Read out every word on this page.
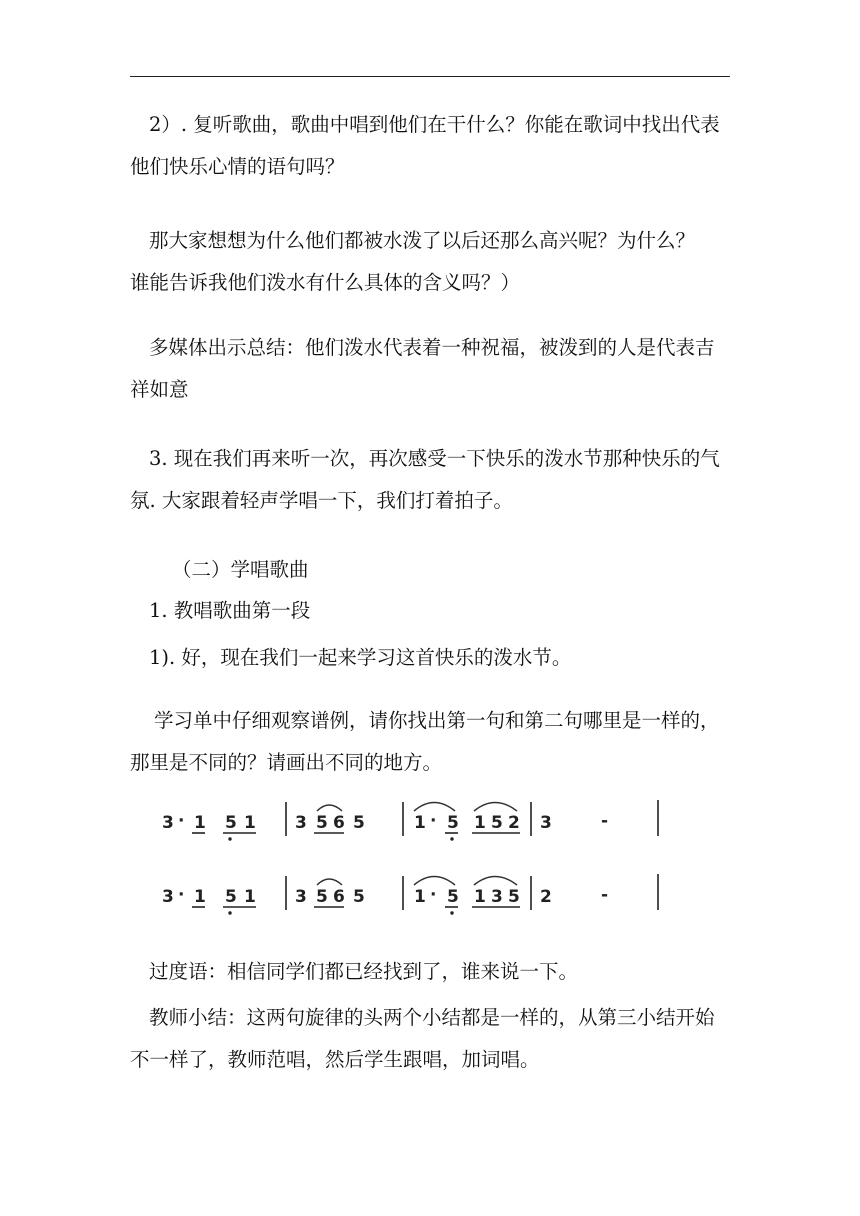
2）. 复听歌曲，歌曲中唱到他们在干什么？你能在歌词中找出代表
他们快乐心情的语句吗？

那大家想想为什么他们都被水泼了以后还那么高兴呢？为什么？
谁能告诉我他们泼水有什么具体的含义吗？）

多媒体出示总结：他们泼水代表着一种祝福，被泼到的人是代表吉
祥如意

3. 现在我们再来听一次，再次感受一下快乐的泼水节那种快乐的气
氛. 大家跟着轻声学唱一下，我们打着拍子。

（二）学唱歌曲

1. 教唱歌曲第一段

1). 好，现在我们一起来学习这首快乐的泼水节。

学习单中仔细观察谱例，请你找出第一句和第二句哪里是一样的，
那里是不同的？请画出不同的地方。

3 · 1 5 1 3 5 6 5	1 · 5 1 5 2 3	-
3 · 1 5 1 3 5 6 5	1 · 5 1 3 5 2	-

过度语：相信同学们都已经找到了，谁来说一下。

教师小结：这两句旋律的头两个小结都是一样的，从第三小结开始
不一样了，教师范唱，然后学生跟唱，加词唱。
